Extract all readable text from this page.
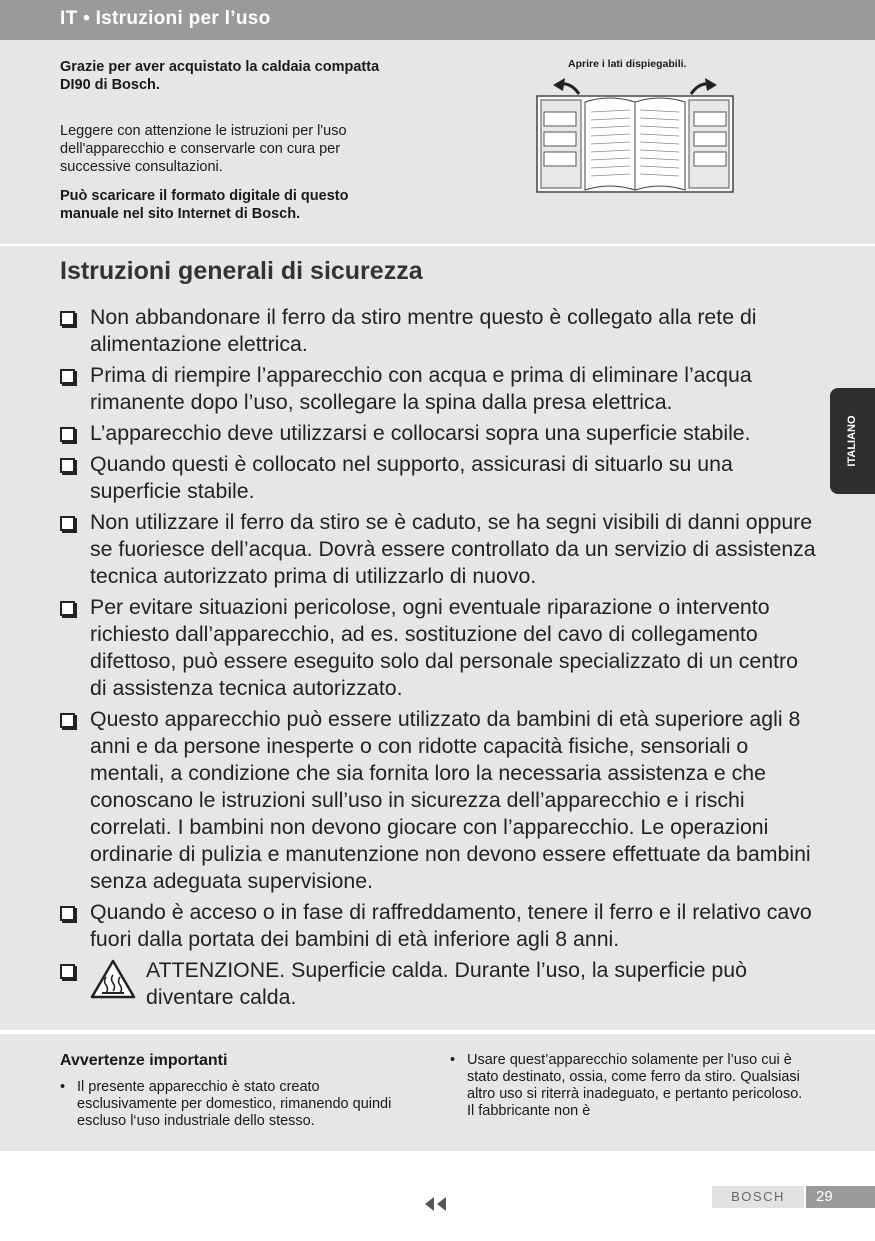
IT • Istruzioni per l’uso
Grazie per aver acquistato la caldaia compatta DI90 di Bosch.
Leggere con attenzione le istruzioni per l'uso dell'apparecchio e conservarle con cura per successive consultazioni.
Può scaricare il formato digitale di questo manuale nel sito Internet di Bosch.
Aprire i lati dispiegabili.
Istruzioni generali di sicurezza
Non abbandonare il ferro da stiro mentre questo è collegato alla rete di alimentazione elettrica.
Prima di riempire l’apparecchio con acqua e prima di eliminare l’acqua rimanente dopo l’uso, scollegare la spina dalla presa elettrica.
L’apparecchio deve utilizzarsi e collocarsi sopra una superficie stabile.
Quando questi è collocato nel supporto, assicurasi di situarlo su una superficie stabile.
Non utilizzare il ferro da stiro se è caduto, se ha segni visibili di danni oppure se fuoriesce dell’acqua. Dovrà essere controllato da un servizio di assistenza tecnica autorizzato prima di utilizzarlo di nuovo.
Per evitare situazioni pericolose, ogni eventuale riparazione o intervento richiesto dall’apparecchio, ad es. sostituzione del cavo di collegamento difettoso, può essere eseguito solo dal personale specializzato di un centro di assistenza tecnica autorizzato.
Questo apparecchio può essere utilizzato da bambini di età superiore agli 8 anni e da persone inesperte o con ridotte capacità fisiche, sensoriali o mentali, a condizione che sia fornita loro la necessaria assistenza e che conoscano le istruzioni sull’uso in sicurezza dell’apparecchio e i rischi correlati. I bambini non devono giocare con l’apparecchio. Le operazioni ordinarie di pulizia e manutenzione non devono essere effettuate da bambini senza adeguata supervisione.
Quando è acceso o in fase di raffreddamento, tenere il ferro e il relativo cavo fuori dalla portata dei bambini di età inferiore agli 8 anni.
ATTENZIONE. Superficie calda. Durante l’uso, la superficie può diventare calda.
Avvertenze importanti
• Il presente apparecchio è stato creato esclusivamente per domestico, rimanendo quindi escluso l‘uso industriale dello stesso.
• Usare quest’apparecchio solamente per l’uso cui è stato destinato, ossia, come ferro da stiro. Qualsiasi altro uso si riterrà inadeguato, e pertanto pericoloso. Il fabbricante non è
ITALIANO
BOSCH	29
